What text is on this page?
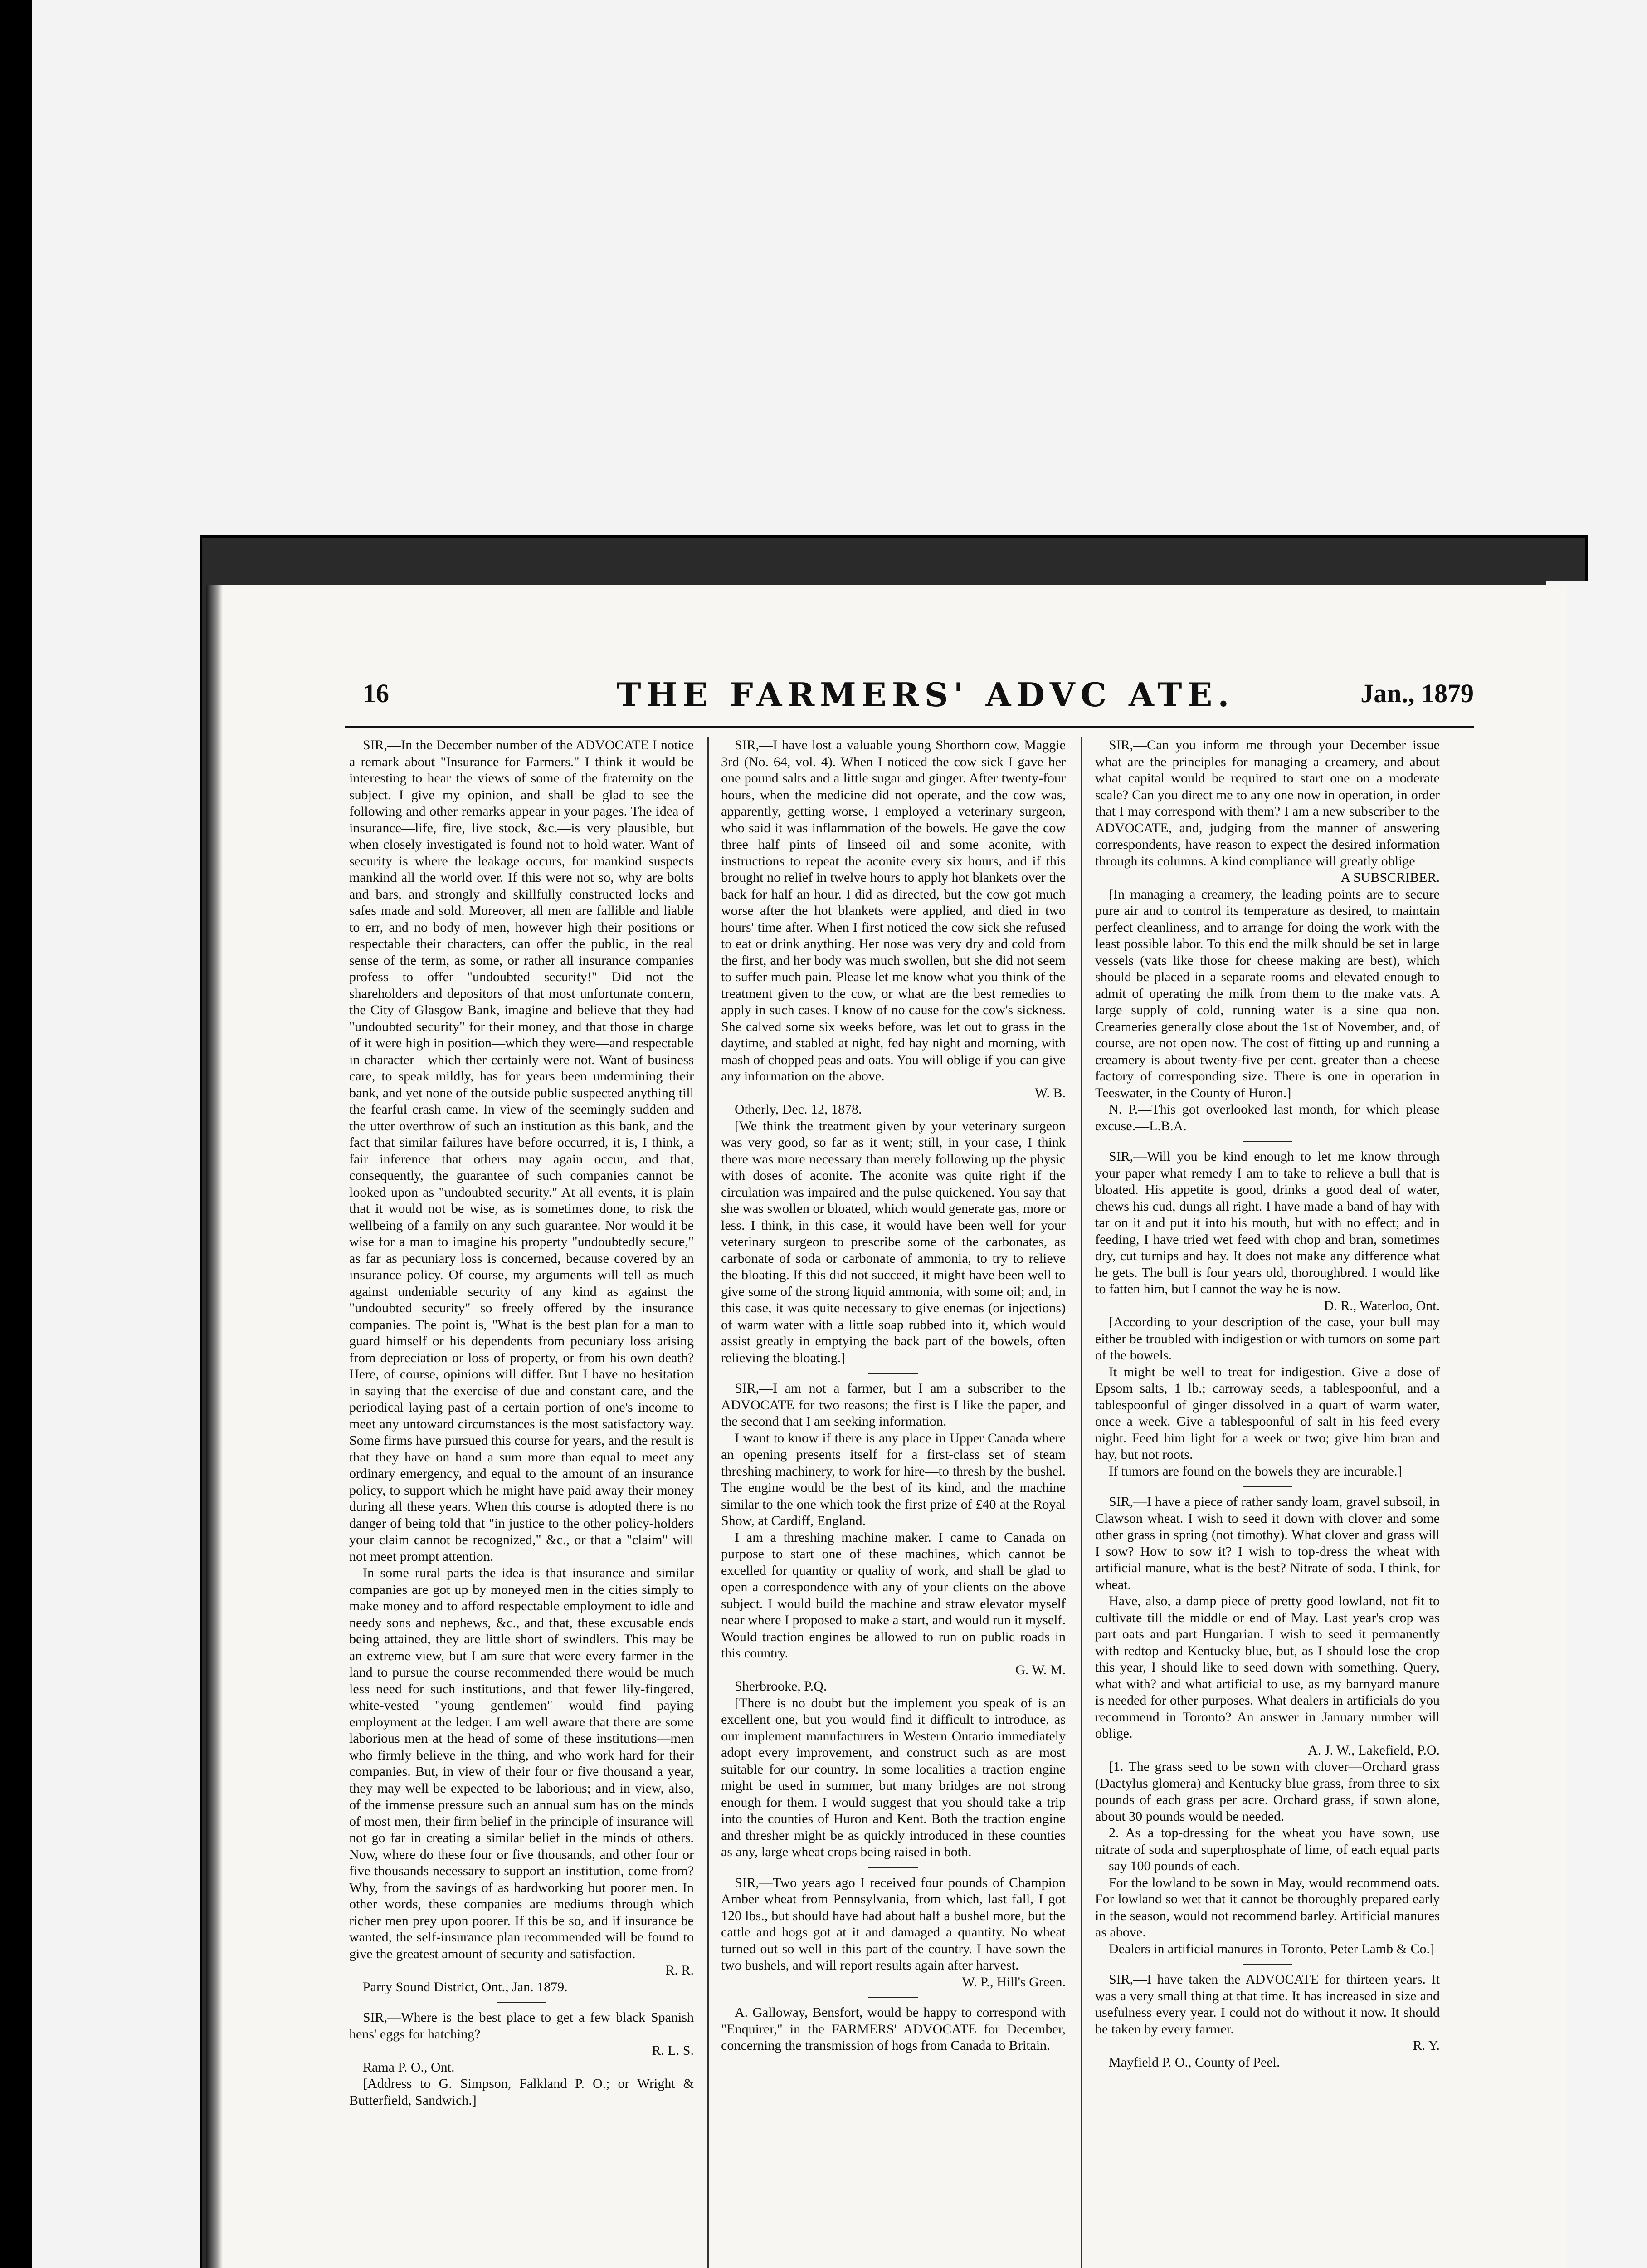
16	THE FARMERS' ADVC ATE.	Jan., 1879

SIR,—In the December number of the ADVOCATE I notice a remark about "Insurance for Farmers." I think it would be interesting to hear the views of some of the fraternity on the subject. I give my opinion, and shall be glad to see the following and other remarks appear in your pages. The idea of insurance—life, fire, live stock, &c.—is very plausible, but when closely investigated is found not to hold water. Want of security is where the leakage occurs, for mankind suspects mankind all the world over. If this were not so, why are bolts and bars, and strongly and skillfully constructed locks and safes made and sold. Moreover, all men are fallible and liable to err, and no body of men, however high their positions or respectable their characters, can offer the public, in the real sense of the term, as some, or rather all insurance companies profess to offer—"undoubted security!" Did not the shareholders and depositors of that most unfortunate concern, the City of Glasgow Bank, imagine and believe that they had "undoubted security" for their money, and that those in charge of it were high in position—which they were—and respectable in character—which ther certainly were not. Want of business care, to speak mildly, has for years been undermining their bank, and yet none of the outside public suspected anything till the fearful crash came. In view of the seemingly sudden and the utter overthrow of such an institution as this bank, and the fact that similar failures have before occurred, it is, I think, a fair inference that others may again occur, and that, consequently, the guarantee of such companies cannot be looked upon as "undoubted security." At all events, it is plain that it would not be wise, as is sometimes done, to risk the wellbeing of a family on any such guarantee. Nor would it be wise for a man to imagine his property "undoubtedly secure," as far as pecuniary loss is concerned, because covered by an insurance policy. Of course, my arguments will tell as much against undeniable security of any kind as against the "undoubted security" so freely offered by the insurance companies. The point is, "What is the best plan for a man to guard himself or his dependents from pecuniary loss arising from depreciation or loss of property, or from his own death? Here, of course, opinions will differ. But I have no hesitation in saying that the exercise of due and constant care, and the periodical laying past of a certain portion of one's income to meet any untoward circumstances is the most satisfactory way. Some firms have pursued this course for years, and the result is that they have on hand a sum more than equal to meet any ordinary emergency, and equal to the amount of an insurance policy, to support which he might have paid away their money during all these years. When this course is adopted there is no danger of being told that "in justice to the other policy-holders your claim cannot be recognized," &c., or that a "claim" will not meet prompt attention.

In some rural parts the idea is that insurance and similar companies are got up by moneyed men in the cities simply to make money and to afford respectable employment to idle and needy sons and nephews, &c., and that, these excusable ends being attained, they are little short of swindlers. This may be an extreme view, but I am sure that were every farmer in the land to pursue the course recommended there would be much less need for such institutions, and that fewer lily-fingered, white-vested "young gentlemen" would find paying employment at the ledger. I am well aware that there are some laborious men at the head of some of these institutions—men who firmly believe in the thing, and who work hard for their companies. But, in view of their four or five thousand a year, they may well be expected to be laborious; and in view, also, of the immense pressure such an annual sum has on the minds of most men, their firm belief in the principle of insurance will not go far in creating a similar belief in the minds of others. Now, where do these four or five thousands, and other four or five thousands necessary to support an institution, come from? Why, from the savings of as hardworking but poorer men. In other words, these companies are mediums through which richer men prey upon poorer. If this be so, and if insurance be wanted, the self-insurance plan recommended will be found to give the greatest amount of security and satisfaction.

R. R.

Parry Sound District, Ont., Jan. 1879.

SIR,—Where is the best place to get a few black Spanish hens' eggs for hatching?

R. L. S.

Rama P. O., Ont.

[Address to G. Simpson, Falkland P. O.; or Wright & Butterfield, Sandwich.]

SIR,—I have lost a valuable young Shorthorn cow, Maggie 3rd (No. 64, vol. 4). When I noticed the cow sick I gave her one pound salts and a little sugar and ginger. After twenty-four hours, when the medicine did not operate, and the cow was, apparently, getting worse, I employed a veterinary surgeon, who said it was inflammation of the bowels. He gave the cow three half pints of linseed oil and some aconite, with instructions to repeat the aconite every six hours, and if this brought no relief in twelve hours to apply hot blankets over the back for half an hour. I did as directed, but the cow got much worse after the hot blankets were applied, and died in two hours' time after. When I first noticed the cow sick she refused to eat or drink anything. Her nose was very dry and cold from the first, and her body was much swollen, but she did not seem to suffer much pain. Please let me know what you think of the treatment given to the cow, or what are the best remedies to apply in such cases. I know of no cause for the cow's sickness. She calved some six weeks before, was let out to grass in the daytime, and stabled at night, fed hay night and morning, with mash of chopped peas and oats. You will oblige if you can give any information on the above.

W. B.

Otherly, Dec. 12, 1878.

[We think the treatment given by your veterinary surgeon was very good, so far as it went; still, in your case, I think there was more necessary than merely following up the physic with doses of aconite. The aconite was quite right if the circulation was impaired and the pulse quickened. You say that she was swollen or bloated, which would generate gas, more or less. I think, in this case, it would have been well for your veterinary surgeon to prescribe some of the carbonates, as carbonate of soda or carbonate of ammonia, to try to relieve the bloating. If this did not succeed, it might have been well to give some of the strong liquid ammonia, with some oil; and, in this case, it was quite necessary to give enemas (or injections) of warm water with a little soap rubbed into it, which would assist greatly in emptying the back part of the bowels, often relieving the bloating.]

SIR,—I am not a farmer, but I am a subscriber to the ADVOCATE for two reasons; the first is I like the paper, and the second that I am seeking information.

I want to know if there is any place in Upper Canada where an opening presents itself for a first-class set of steam threshing machinery, to work for hire—to thresh by the bushel. The engine would be the best of its kind, and the machine similar to the one which took the first prize of £40 at the Royal Show, at Cardiff, England.

I am a threshing machine maker. I came to Canada on purpose to start one of these machines, which cannot be excelled for quantity or quality of work, and shall be glad to open a correspondence with any of your clients on the above subject. I would build the machine and straw elevator myself near where I proposed to make a start, and would run it myself. Would traction engines be allowed to run on public roads in this country.

G. W. M.

Sherbrooke, P.Q.

[There is no doubt but the implement you speak of is an excellent one, but you would find it difficult to introduce, as our implement manufacturers in Western Ontario immediately adopt every improvement, and construct such as are most suitable for our country. In some localities a traction engine might be used in summer, but many bridges are not strong enough for them. I would suggest that you should take a trip into the counties of Huron and Kent. Both the traction engine and thresher might be as quickly introduced in these counties as any, large wheat crops being raised in both.

SIR,—Two years ago I received four pounds of Champion Amber wheat from Pennsylvania, from which, last fall, I got 120 lbs., but should have had about half a bushel more, but the cattle and hogs got at it and damaged a quantity. No wheat turned out so well in this part of the country. I have sown the two bushels, and will report results again after harvest.

W. P., Hill's Green.

A. Galloway, Bensfort, would be happy to correspond with "Enquirer," in the FARMERS' ADVOCATE for December, concerning the transmission of hogs from Canada to Britain.

SIR,—Can you inform me through your December issue what are the principles for managing a creamery, and about what capital would be required to start one on a moderate scale? Can you direct me to any one now in operation, in order that I may correspond with them? I am a new subscriber to the ADVOCATE, and, judging from the manner of answering correspondents, have reason to expect the desired information through its columns. A kind compliance will greatly oblige

A SUBSCRIBER.

[In managing a creamery, the leading points are to secure pure air and to control its temperature as desired, to maintain perfect cleanliness, and to arrange for doing the work with the least possible labor. To this end the milk should be set in large vessels (vats like those for cheese making are best), which should be placed in a separate rooms and elevated enough to admit of operating the milk from them to the make vats. A large supply of cold, running water is a sine qua non. Creameries generally close about the 1st of November, and, of course, are not open now. The cost of fitting up and running a creamery is about twenty-five per cent. greater than a cheese factory of corresponding size. There is one in operation in Teeswater, in the County of Huron.]

N. P.—This got overlooked last month, for which please excuse.—L.B.A.

SIR,—Will you be kind enough to let me know through your paper what remedy I am to take to relieve a bull that is bloated. His appetite is good, drinks a good deal of water, chews his cud, dungs all right. I have made a band of hay with tar on it and put it into his mouth, but with no effect; and in feeding, I have tried wet feed with chop and bran, sometimes dry, cut turnips and hay. It does not make any difference what he gets. The bull is four years old, thoroughbred. I would like to fatten him, but I cannot the way he is now.

D. R., Waterloo, Ont.

[According to your description of the case, your bull may either be troubled with indigestion or with tumors on some part of the bowels.

It might be well to treat for indigestion. Give a dose of Epsom salts, 1 lb.; carroway seeds, a tablespoonful, and a tablespoonful of ginger dissolved in a quart of warm water, once a week. Give a tablespoonful of salt in his feed every night. Feed him light for a week or two; give him bran and hay, but not roots.

If tumors are found on the bowels they are incurable.]

SIR,—I have a piece of rather sandy loam, gravel subsoil, in Clawson wheat. I wish to seed it down with clover and some other grass in spring (not timothy). What clover and grass will I sow? How to sow it? I wish to top-dress the wheat with artificial manure, what is the best? Nitrate of soda, I think, for wheat.

Have, also, a damp piece of pretty good lowland, not fit to cultivate till the middle or end of May. Last year's crop was part oats and part Hungarian. I wish to seed it permanently with redtop and Kentucky blue, but, as I should lose the crop this year, I should like to seed down with something. Query, what with? and what artificial to use, as my barnyard manure is needed for other purposes. What dealers in artificials do you recommend in Toronto? An answer in January number will oblige.

A. J. W., Lakefield, P.O.

[1. The grass seed to be sown with clover—Orchard grass (Dactylus glomera) and Kentucky blue grass, from three to six pounds of each grass per acre. Orchard grass, if sown alone, about 30 pounds would be needed.

2. As a top-dressing for the wheat you have sown, use nitrate of soda and superphosphate of lime, of each equal parts—say 100 pounds of each.

For the lowland to be sown in May, would recommend oats. For lowland so wet that it cannot be thoroughly prepared early in the season, would not recommend barley. Artificial manures as above.

Dealers in artificial manures in Toronto, Peter Lamb & Co.]

SIR,—I have taken the ADVOCATE for thirteen years. It was a very small thing at that time. It has increased in size and usefulness every year. I could not do without it now. It should be taken by every farmer.

R. Y.

Mayfield P. O., County of Peel.
